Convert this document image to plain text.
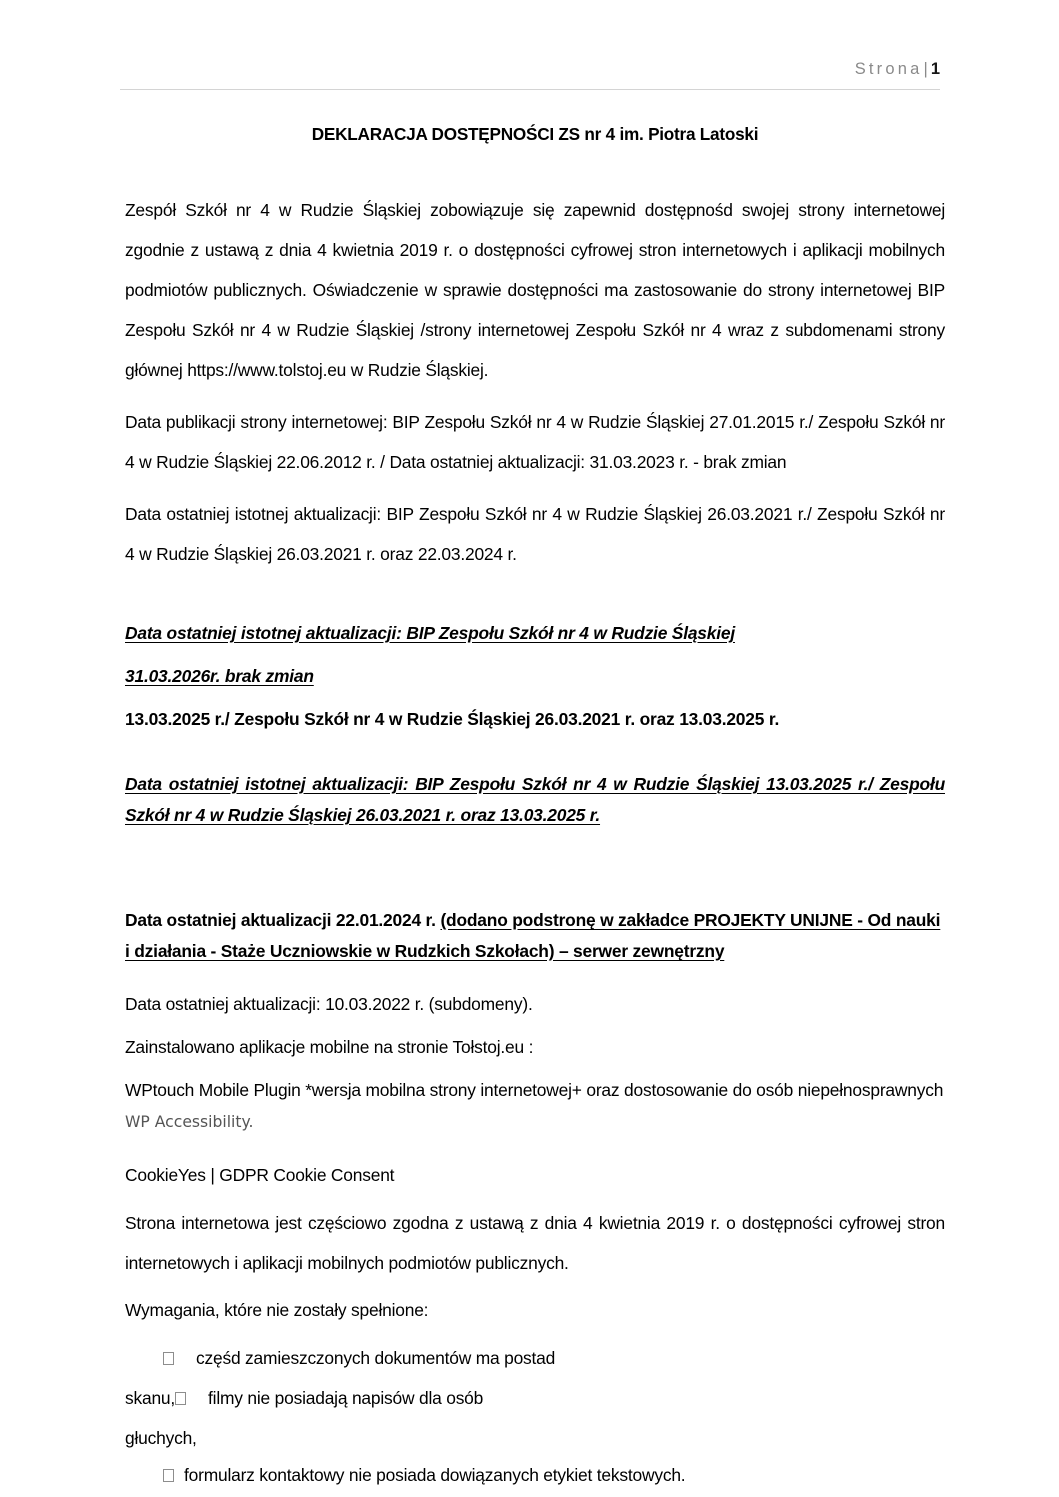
Strona| 1
DEKLARACJA DOSTĘPNOŚCI ZS nr 4 im. Piotra Latoski

Zespół Szkół nr 4 w Rudzie Śląskiej zobowiązuje się zapewnid dostępnośd swojej strony internetowej zgodnie z ustawą z dnia 4 kwietnia 2019 r. o dostępności cyfrowej stron internetowych i aplikacji mobilnych podmiotów publicznych. Oświadczenie w sprawie dostępności ma zastosowanie do strony internetowej BIP Zespołu Szkół nr 4 w Rudzie Śląskiej /strony internetowej Zespołu Szkół nr 4 wraz z subdomenami strony głównej https://www.tolstoj.eu w Rudzie Śląskiej.

Data publikacji strony internetowej: BIP Zespołu Szkół nr 4 w Rudzie Śląskiej 27.01.2015 r./ Zespołu Szkół nr 4 w Rudzie Śląskiej 22.06.2012 r. / Data ostatniej aktualizacji: 31.03.2023 r. - brak zmian

Data ostatniej istotnej aktualizacji: BIP Zespołu Szkół nr 4 w Rudzie Śląskiej 26.03.2021 r./ Zespołu Szkół nr 4 w Rudzie Śląskiej 26.03.2021 r. oraz 22.03.2024 r.

Data ostatniej istotnej aktualizacji: BIP Zespołu Szkół nr 4 w Rudzie Śląskiej

31.03.2026r. brak zmian

13.03.2025 r./ Zespołu Szkół nr 4 w Rudzie Śląskiej 26.03.2021 r. oraz 13.03.2025 r.

Data ostatniej istotnej aktualizacji: BIP Zespołu Szkół nr 4 w Rudzie Śląskiej 13.03.2025 r./ Zespołu Szkół nr 4 w Rudzie Śląskiej 26.03.2021 r. oraz 13.03.2025 r.

Data ostatniej aktualizacji 22.01.2024 r. (dodano podstronę w zakładce PROJEKTY UNIJNE - Od nauki i działania - Staże Uczniowskie w Rudzkich Szkołach) – serwer zewnętrzny

Data ostatniej aktualizacji: 10.03.2022 r. (subdomeny).

Zainstalowano aplikacje mobilne na stronie Tołstoj.eu :

WPtouch Mobile Plugin *wersja mobilna strony internetowej+ oraz dostosowanie do osób niepełnosprawnych WP Accessibility.

CookieYes | GDPR Cookie Consent

Strona internetowa jest częściowo zgodna z ustawą z dnia 4 kwietnia 2019 r. o dostępności cyfrowej stron internetowych i aplikacji mobilnych podmiotów publicznych.

Wymagania, które nie zostały spełnione:

częśd zamieszczonych dokumentów ma postad
skanu, filmy nie posiadają napisów dla osób
głuchych,
formularz kontaktowy nie posiada dowiązanych etykiet tekstowych.
